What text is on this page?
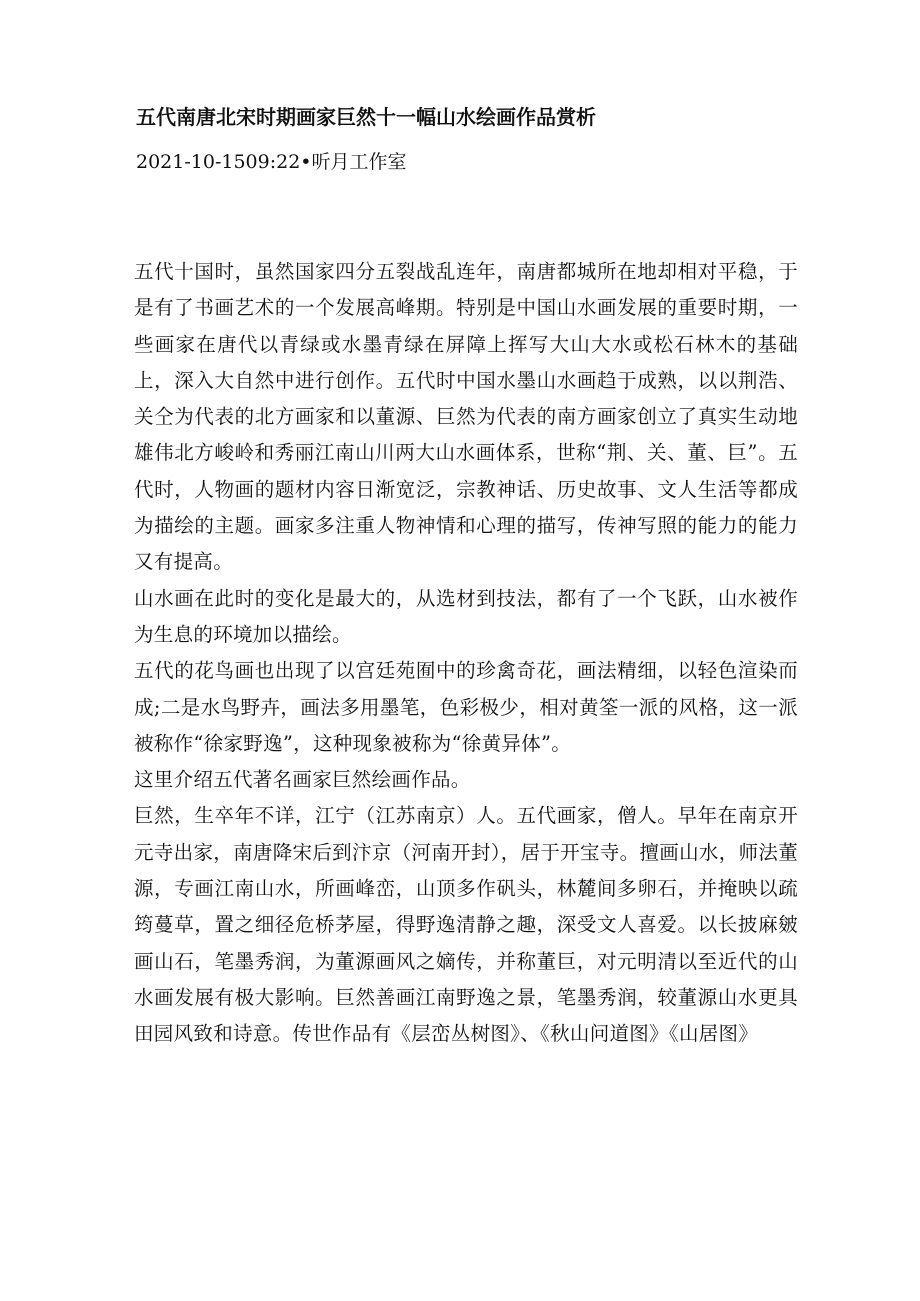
五代南唐北宋时期画家巨然十一幅山水绘画作品赏析
2021-10-1509:22•听月工作室

五代十国时，虽然国家四分五裂战乱连年，南唐都城所在地却相对平稳，于是有了书画艺术的一个发展高峰期。特别是中国山水画发展的重要时期，一些画家在唐代以青绿或水墨青绿在屏障上挥写大山大水或松石林木的基础上，深入大自然中进行创作。五代时中国水墨山水画趋于成熟，以以荆浩、关仝为代表的北方画家和以董源、巨然为代表的南方画家创立了真实生动地雄伟北方峻岭和秀丽江南山川两大山水画体系，世称“荆、关、董、巨”。五代时，人物画的题材内容日渐宽泛，宗教神话、历史故事、文人生活等都成为描绘的主题。画家多注重人物神情和心理的描写，传神写照的能力的能力又有提高。

山水画在此时的变化是最大的，从选材到技法，都有了一个飞跃，山水被作为生息的环境加以描绘。

五代的花鸟画也出现了以宫廷苑囿中的珍禽奇花，画法精细，以轻色渲染而成;二是水鸟野卉，画法多用墨笔，色彩极少，相对黄筌一派的风格，这一派被称作“徐家野逸”，这种现象被称为“徐黄异体”。

这里介绍五代著名画家巨然绘画作品。

巨然，生卒年不详，江宁（江苏南京）人。五代画家，僧人。早年在南京开元寺出家，南唐降宋后到汴京（河南开封），居于开宝寺。擅画山水，师法董源，专画江南山水，所画峰峦，山顶多作矾头，林麓间多卵石，并掩映以疏筠蔓草，置之细径危桥茅屋，得野逸清静之趣，深受文人喜爱。以长披麻皴画山石，笔墨秀润，为董源画风之嫡传，并称董巨，对元明清以至近代的山水画发展有极大影响。巨然善画江南野逸之景，笔墨秀润，较董源山水更具田园风致和诗意。传世作品有《层峦丛树图》、《秋山问道图》《山居图》
